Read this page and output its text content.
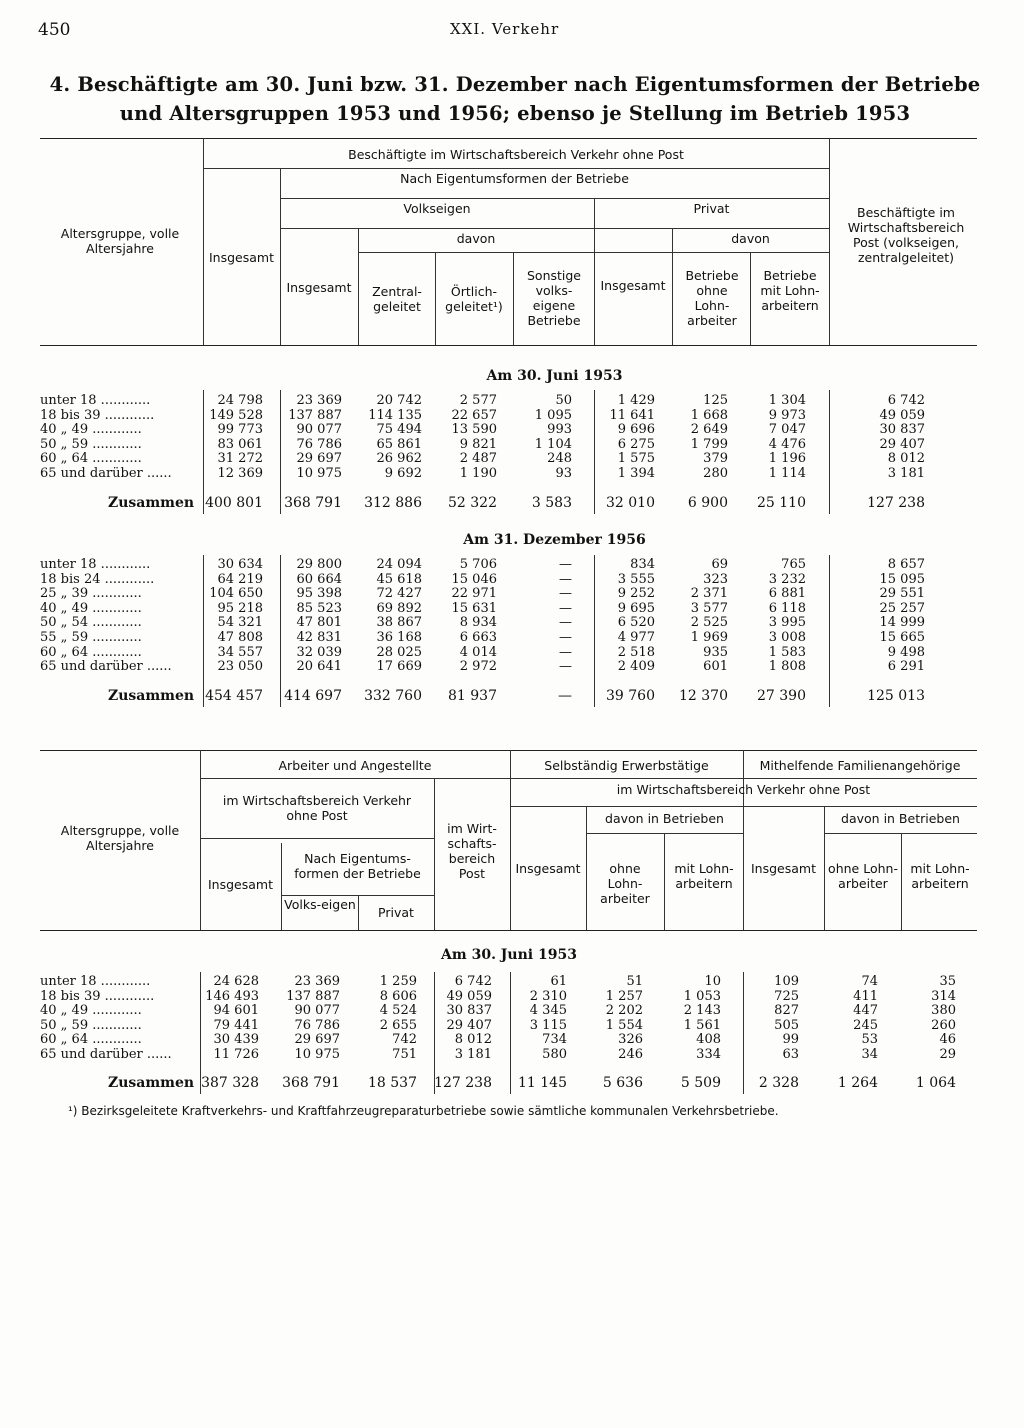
450	XXI. Verkehr
4. Beschäftigte am 30. Juni bzw. 31. Dezember nach Eigentumsformen der Betriebe und Altersgruppen 1953 und 1956; ebenso je Stellung im Betrieb 1953
Altersgruppe, volle Altersjahre
Beschäftigte im Wirtschaftsbereich Verkehr ohne Post
Insgesamt
Nach Eigentumsformen der Betriebe
Volkseigen	Privat
davon	davon
Insgesamt	Zentral-geleitet
Örtlich-geleitet¹)
Sonstige volks-eigene Betriebe
Insgesamt
Betriebe ohne Lohn-arbeiter
Betriebe mit Lohn-arbeitern
Beschäftigte im Wirtschaftsbereich Post (volkseigen, zentralgeleitet)
Am 30. Juni 1953
unter 18 ............	24 798	23 369	20 742	2 577	50	1 429	125	1 304	6 742
18 bis 39 ............	149 528	137 887	114 135	22 657	1 095	11 641	1 668	9 973	49 059
40 „ 49 ............	99 773	90 077	75 494	13 590	993	9 696	2 649	7 047	30 837
50 „ 59 ............	83 061	76 786	65 861	9 821	1 104	6 275	1 799	4 476	29 407
60 „ 64 ............	31 272	29 697	26 962	2 487	248	1 575	379	1 196	8 012
65 und darüber ......	12 369	10 975	9 692	1 190	93	1 394	280	1 114	3 181
Zusammen 400 801	368 791	312 886	52 322	3 583	32 010	6 900	25 110	127 238
Am 31. Dezember 1956
unter 18 ............	30 634	29 800	24 094	5 706	—	834	69	765	8 657
18 bis 24 ............	64 219	60 664	45 618	15 046	—	3 555	323	3 232	15 095
25 „ 39 ............	104 650	95 398	72 427	22 971	—	9 252	2 371	6 881	29 551
40 „ 49 ............	95 218	85 523	69 892	15 631	—	9 695	3 577	6 118	25 257
50 „ 54 ............	54 321	47 801	38 867	8 934	—	6 520	2 525	3 995	14 999
55 „ 59 ............	47 808	42 831	36 168	6 663	—	4 977	1 969	3 008	15 665
60 „ 64 ............	34 557	32 039	28 025	4 014	—	2 518	935	1 583	9 498
65 und darüber ......	23 050	20 641	17 669	2 972	—	2 409	601	1 808	6 291
Zusammen 454 457	414 697	332 760	81 937	—	39 760	12 370	27 390	125 013
Altersgruppe, volle Altersjahre
Arbeiter und Angestellte
im Wirtschaftsbereich Verkehr ohne Post
Insgesamt
Nach Eigentums-formen der Betriebe
Volks-eigen
Privat
im Wirt-schafts-bereich Post
Selbständig Erwerbstätige	Mithelfende Familienangehörige
im Wirtschaftsbereich Verkehr ohne Post
Insgesamt
davon in Betrieben
ohne Lohn-arbeiter
mit Lohn-arbeitern
Insgesamt
davon in Betrieben
ohne Lohn-arbeiter
mit Lohn-arbeitern
Am 30. Juni 1953
unter 18 ............	24 628	23 369	1 259	6 742	61	51	10	109	74	35
18 bis 39 ............	146 493	137 887	8 606	49 059	2 310	1 257	1 053	725	411	314
40 „ 49 ............	94 601	90 077	4 524	30 837	4 345	2 202	2 143	827	447	380
50 „ 59 ............	79 441	76 786	2 655	29 407	3 115	1 554	1 561	505	245	260
60 „ 64 ............	30 439	29 697	742	8 012	734	326	408	99	53	46
65 und darüber ......	11 726	10 975	751	3 181	580	246	334	63	34	29
Zusammen 387 328	368 791	18 537	127 238	11 145	5 636	5 509	2 328	1 264	1 064
¹) Bezirksgeleitete Kraftverkehrs- und Kraftfahrzeugreparaturbetriebe sowie sämtliche kommunalen Verkehrsbetriebe.
